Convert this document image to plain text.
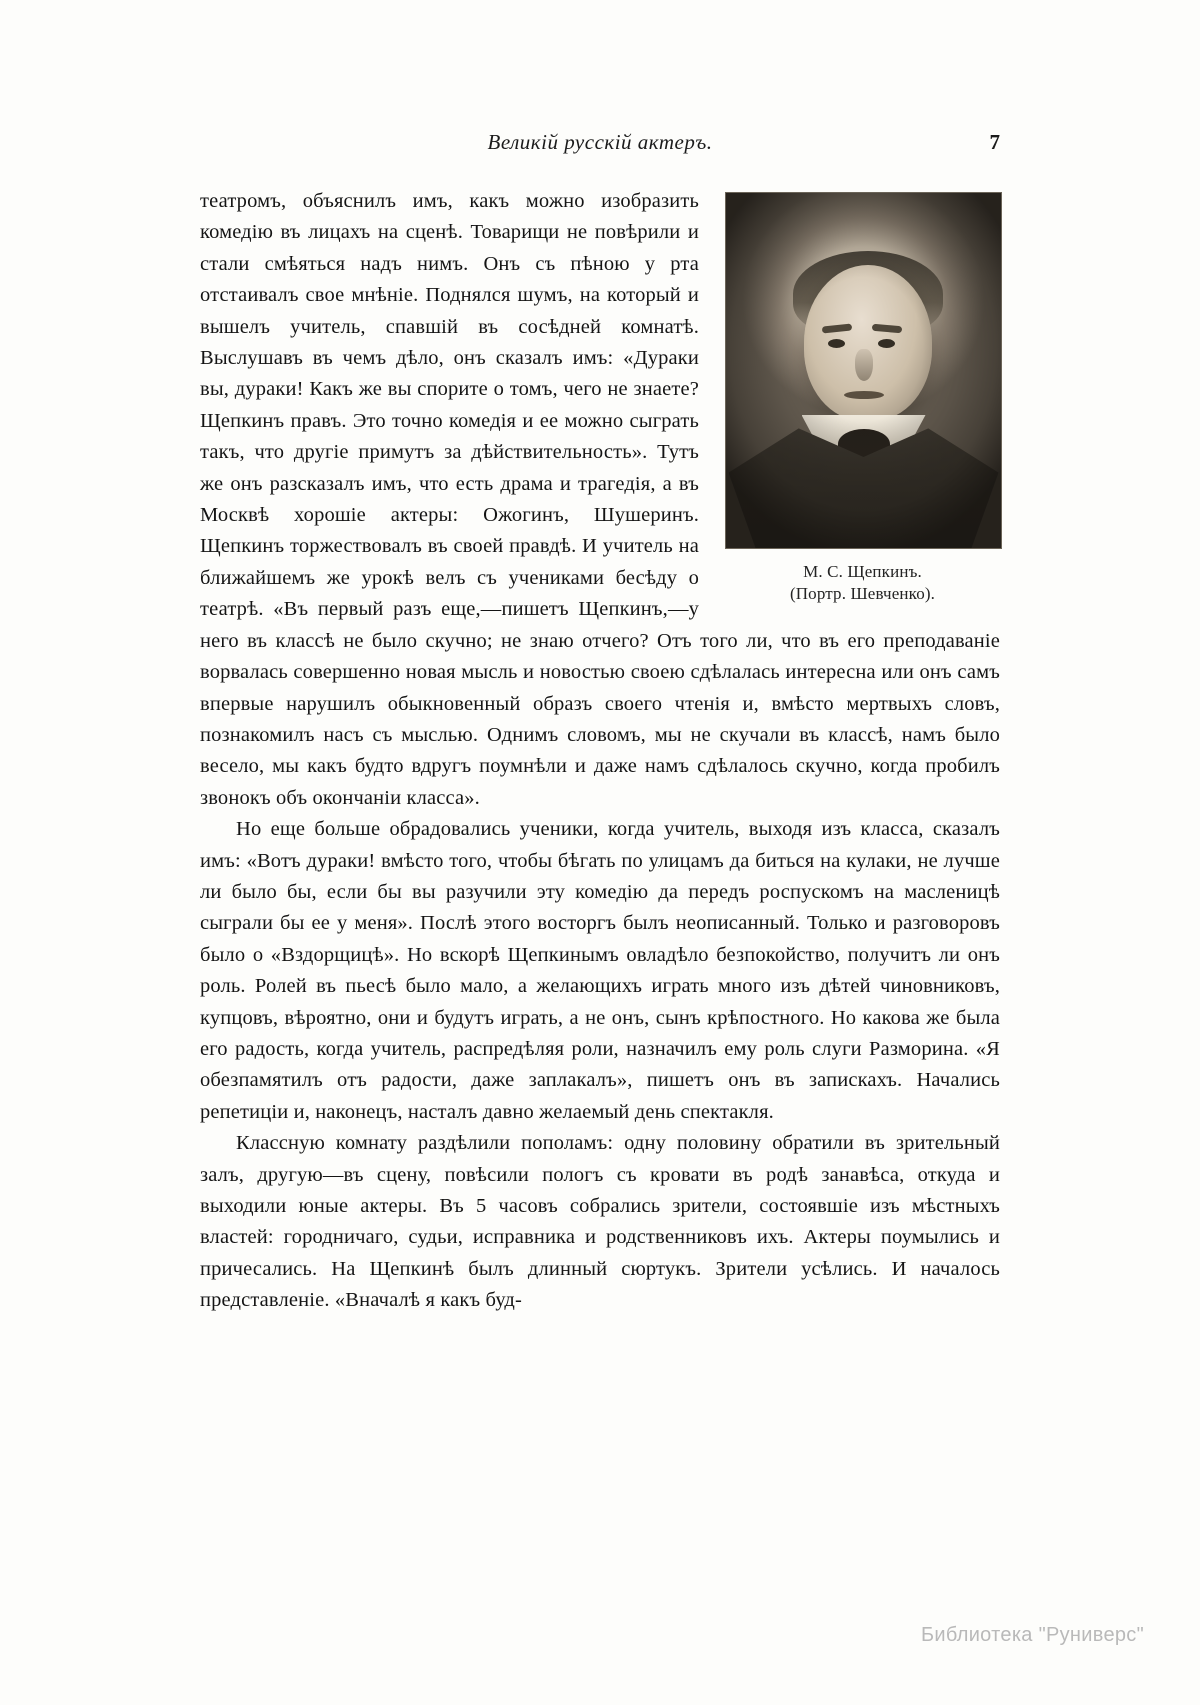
Великiй русскiй актеръ.	7
М. С. Щепкинъ.
(Портр. Шевченко).

театромъ, объяснилъ имъ, какъ можно изобразить комедiю въ лицахъ на сценѣ. Товарищи не повѣрили и стали смѣяться надъ нимъ. Онъ съ пѣною у рта отстаивалъ свое мнѣнiе. Поднялся шумъ, на который и вышелъ учитель, спавшiй въ сосѣдней комнатѣ. Выслушавъ въ чемъ дѣло, онъ сказалъ имъ: «Дураки вы, дураки! Какъ же вы спорите о томъ, чего не знаете? Щепкинъ правъ. Это точно комедiя и ее можно сыграть такъ, что другiе примутъ за дѣйствительность». Тутъ же онъ разсказалъ имъ, что есть драма и трагедiя, а въ Москвѣ хорошiе актеры: Ожогинъ, Шушеринъ. Щепкинъ торжествовалъ въ своей правдѣ. И учитель на ближайшемъ же урокѣ велъ съ учениками бесѣду о театрѣ. «Въ первый разъ еще,—пишетъ Щепкинъ,—у него въ классѣ не было скучно; не знаю отчего? Отъ того ли, что въ его преподаванiе ворвалась совершенно новая мысль и новостью своею сдѣлалась интересна или онъ самъ впервые нарушилъ обыкновенный образъ своего чтенiя и, вмѣсто мертвыхъ словъ, познакомилъ насъ съ мыслью. Однимъ словомъ, мы не скучали въ классѣ, намъ было весело, мы какъ будто вдругъ поумнѣли и даже намъ сдѣлалось скучно, когда пробилъ звонокъ объ окончанiи класса».

Но еще больше обрадовались ученики, когда учитель, выходя изъ класса, сказалъ имъ: «Вотъ дураки! вмѣсто того, чтобы бѣгать по улицамъ да биться на кулаки, не лучше ли было бы, если бы вы разучили эту комедiю да передъ роспускомъ на масленицѣ сыграли бы ее у меня». Послѣ этого восторгъ былъ неописанный. Только и разговоровъ было о «Вздорщицѣ». Но вскорѣ Щепкинымъ овладѣло безпокойство, получитъ ли онъ роль. Ролей въ пьесѣ было мало, а желающихъ играть много изъ дѣтей чиновниковъ, купцовъ, вѣроятно, они и будутъ играть, а не онъ, сынъ крѣпостного. Но какова же была его радость, когда учитель, распредѣляя роли, назначилъ ему роль слуги Разморина. «Я обезпамятилъ отъ радости, даже заплакалъ», пишетъ онъ въ запискахъ. Начались репетицiи и, наконецъ, насталъ давно желаемый день спектакля.

Классную комнату раздѣлили пополамъ: одну половину обратили въ зрительный залъ, другую—въ сцену, повѣсили пологъ съ кровати въ родѣ занавѣса, откуда и выходили юные актеры. Въ 5 часовъ собрались зрители, состоявшiе изъ мѣстныхъ властей: городничаго, судьи, исправника и родственниковъ ихъ. Актеры поумылись и причесались. На Щепкинѣ былъ длинный сюртукъ. Зрители усѣлись. И началось представленiе. «Вначалѣ я какъ буд-

Библиотека "Руниверс"
